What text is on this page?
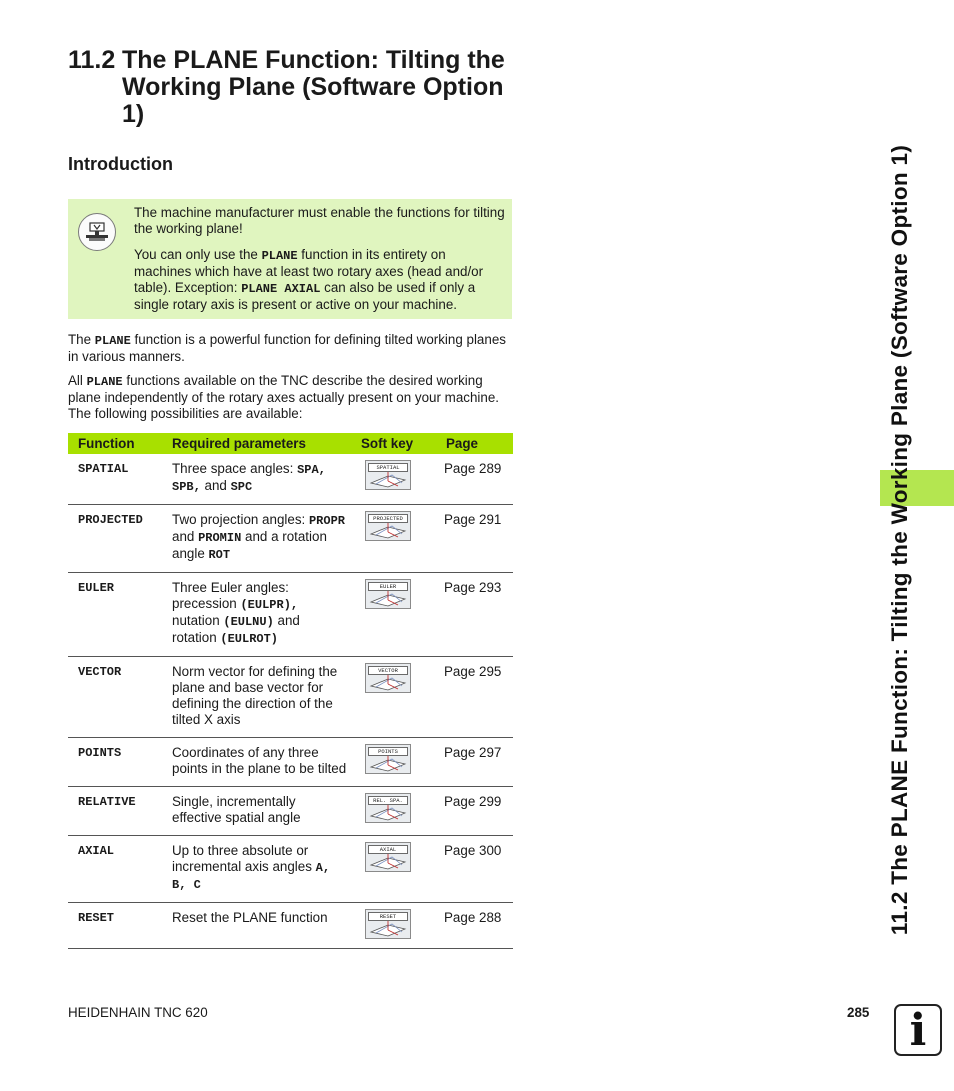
11.2 The PLANE Function: Tilting the Working Plane (Software Option 1)
Introduction

The machine manufacturer must enable the functions for tilting the working plane!

You can only use the PLANE function in its entirety on machines which have at least two rotary axes (head and/or table). Exception: PLANE AXIAL can also be used if only a single rotary axis is present or active on your machine.

The PLANE function is a powerful function for defining tilted working planes in various manners.

All PLANE functions available on the TNC describe the desired working plane independently of the rotary axes actually present on your machine. The following possibilities are available:

Function	Required parameters	Soft key	Page
SPATIAL	Three space angles: SPA, SPB, and SPC	SPATIAL	Page 289
PROJECTED	Two projection angles: PROPR and PROMIN and a rotation angle ROT	PROJECTED	Page 291
EULER	Three Euler angles: precession (EULPR), nutation (EULNU) and rotation (EULROT)	EULER	Page 293
VECTOR	Norm vector for defining the plane and base vector for defining the direction of the tilted X axis	VECTOR	Page 295
POINTS	Coordinates of any three points in the plane to be tilted	POINTS	Page 297
RELATIVE	Single, incrementally effective spatial angle	REL. SPA.	Page 299
AXIAL	Up to three absolute or incremental axis angles A, B, C	AXIAL	Page 300
RESET	Reset the PLANE function	RESET	Page 288	11.2 The PLANE Function: Tilting the Working Plane (Software Option 1)
HEIDENHAIN TNC 620	285 i
